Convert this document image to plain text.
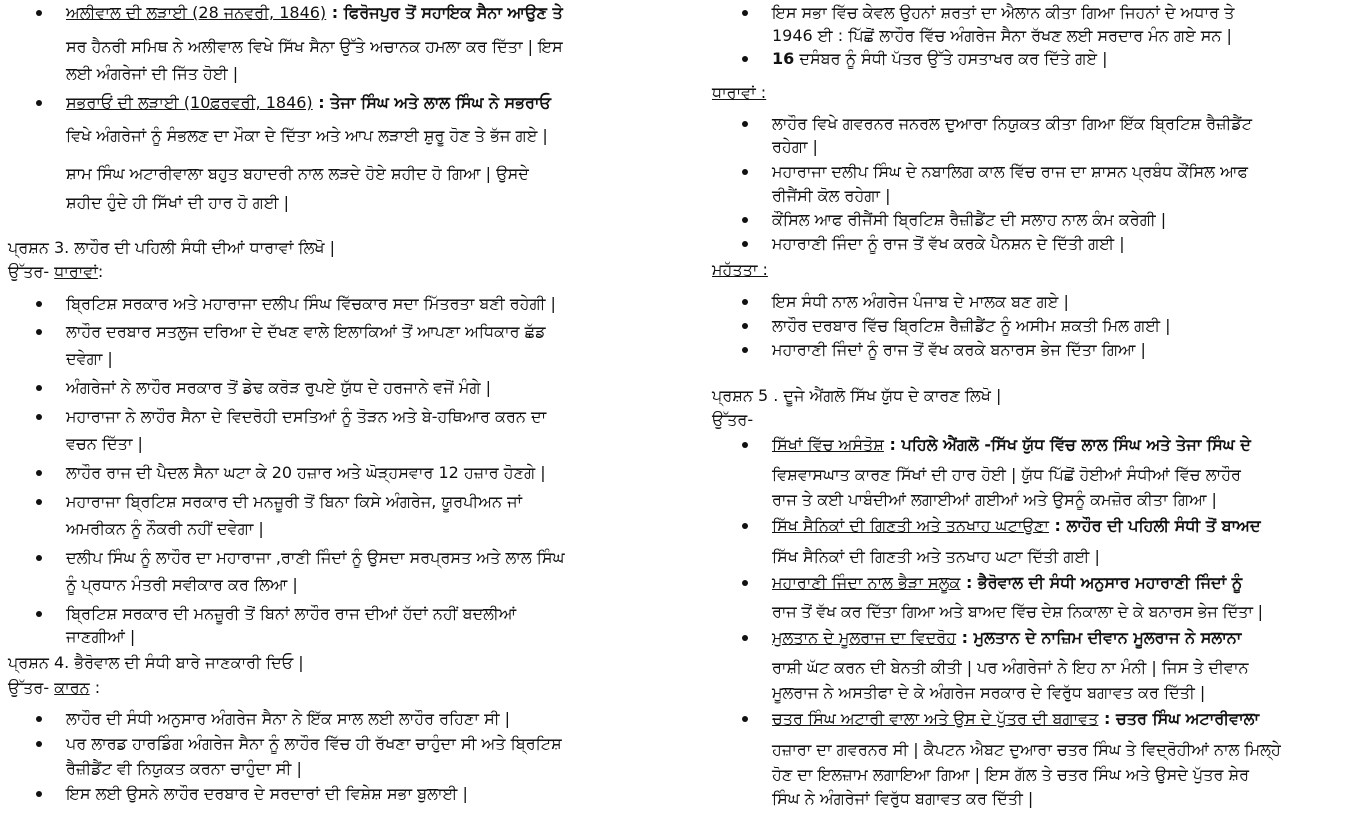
ਅਲੀਵਾਲ ਦੀ ਲੜਾਈ (28 ਜਨਵਰੀ, 1846) : ਫਿਰੋਜਪੁਰ ਤੋਂ ਸਹਾਇਕ ਸੈਨਾ ਆਉਣ ਤੇ
ਸਰ ਹੈਨਰੀ ਸਮਿਥ ਨੇ ਅਲੀਵਾਲ ਵਿਖੇ ਸਿੱਖ ਸੈਨਾ ਉੱਤੇ ਅਚਾਨਕ ਹਮਲਾ ਕਰ ਦਿੱਤਾ | ਇਸ
ਲਈ ਅੰਗਰੇਜਾਂ ਦੀ ਜਿੱਤ ਹੋਈ |
ਸਭਰਾਓਂ ਦੀ ਲੜਾਈ (10ਫ਼ਰਵਰੀ, 1846) : ਤੇਜਾ ਸਿੰਘ ਅਤੇ ਲਾਲ ਸਿੰਘ ਨੇ ਸਭਰਾਓ
ਵਿਖੇ ਅੰਗਰੇਜਾਂ ਨੂੰ ਸੰਭਲਣ ਦਾ ਮੌਕਾ ਦੇ ਦਿੱਤਾ ਅਤੇ ਆਪ ਲੜਾਈ ਸ਼ੁਰੂ ਹੋਣ ਤੇ ਭੱਜ ਗਏ |
ਸ਼ਾਮ ਸਿੰਘ ਅਟਾਰੀਵਾਲਾ ਬਹੁਤ ਬਹਾਦਰੀ ਨਾਲ ਲੜਦੇ ਹੋਏ ਸ਼ਹੀਦ ਹੋ ਗਿਆ | ਉਸਦੇ
ਸ਼ਹੀਦ ਹੁੰਦੇ ਹੀ ਸਿੱਖਾਂ ਦੀ ਹਾਰ ਹੋ ਗਈ |
ਪ੍ਰਸ਼ਨ 3. ਲਾਹੌਰ ਦੀ ਪਹਿਲੀ ਸੰਧੀ ਦੀਆਂ ਧਾਰਾਵਾਂ ਲਿਖੋ |
ਉੱਤਰ- ਧਾਰਾਵਾਂ:
ਬ੍ਰਿਟਿਸ਼ ਸਰਕਾਰ ਅਤੇ ਮਹਾਰਾਜਾ ਦਲੀਪ ਸਿੰਘ ਵਿੱਚਕਾਰ ਸਦਾ ਮਿੱਤਰਤਾ ਬਣੀ ਰਹੇਗੀ |
ਲਾਹੌਰ ਦਰਬਾਰ ਸਤਲੁਜ ਦਰਿਆ ਦੇ ਦੱਖਣ ਵਾਲੇ ਇਲਾਕਿਆਂ ਤੋਂ ਆਪਣਾ ਅਧਿਕਾਰ ਛੱਡ
ਦਵੇਗਾ |
ਅੰਗਰੇਜਾਂ ਨੇ ਲਾਹੌਰ ਸਰਕਾਰ ਤੋਂ ਡੇਢ ਕਰੋੜ ਰੁਪਏ ਯੁੱਧ ਦੇ ਹਰਜਾਨੇ ਵਜੋਂ ਮੰਗੇ |
ਮਹਾਰਾਜਾ ਨੇ ਲਾਹੌਰ ਸੈਨਾ ਦੇ ਵਿਦਰੋਹੀ ਦਸਤਿਆਂ ਨੂੰ ਤੋੜਨ ਅਤੇ ਬੇ-ਹਥਿਆਰ ਕਰਨ ਦਾ
ਵਚਨ ਦਿੱਤਾ |
ਲਾਹੌਰ ਰਾਜ ਦੀ ਪੈਦਲ ਸੈਨਾ ਘਟਾ ਕੇ 20 ਹਜ਼ਾਰ ਅਤੇ ਘੋੜ੍ਹਸਵਾਰ 12 ਹਜ਼ਾਰ ਹੋਣਗੇ |
ਮਹਾਰਾਜਾ ਬ੍ਰਿਟਿਸ਼ ਸਰਕਾਰ ਦੀ ਮਨਜ਼ੂਰੀ ਤੋਂ ਬਿਨਾ ਕਿਸੇ ਅੰਗਰੇਜ, ਯੂਰਪੀਅਨ ਜਾਂ
ਅਮਰੀਕਨ ਨੂੰ ਨੌਕਰੀ ਨਹੀਂ ਦਵੇਗਾ |
ਦਲੀਪ ਸਿੰਘ ਨੂੰ ਲਾਹੌਰ ਦਾ ਮਹਾਰਾਜਾ ,ਰਾਣੀ ਜਿੰਦਾਂ ਨੂੰ ਉਸਦਾ ਸਰਪ੍ਰਸਤ ਅਤੇ ਲਾਲ ਸਿੰਘ
ਨੂੰ ਪ੍ਰਧਾਨ ਮੰਤਰੀ ਸਵੀਕਾਰ ਕਰ ਲਿਆ |
ਬ੍ਰਿਟਿਸ਼ ਸਰਕਾਰ ਦੀ ਮਨਜ਼ੂਰੀ ਤੋਂ ਬਿਨਾਂ ਲਾਹੌਰ ਰਾਜ ਦੀਆਂ ਹੱਦਾਂ ਨਹੀਂ ਬਦਲੀਆਂ
ਜਾਣਗੀਆਂ |
ਪ੍ਰਸ਼ਨ 4. ਭੈਰੋਵਾਲ ਦੀ ਸੰਧੀ ਬਾਰੇ ਜਾਣਕਾਰੀ ਦਿਓ |
ਉੱਤਰ- ਕਾਰਨ :
ਲਾਹੌਰ ਦੀ ਸੰਧੀ ਅਨੁਸਾਰ ਅੰਗਰੇਜ ਸੈਨਾ ਨੇ ਇੱਕ ਸਾਲ ਲਈ ਲਾਹੌਰ ਰਹਿਣਾ ਸੀ |
ਪਰ ਲਾਰਡ ਹਾਰਡਿੰਗ ਅੰਗਰੇਜ ਸੈਨਾ ਨੂੰ ਲਾਹੌਰ ਵਿੱਚ ਹੀ ਰੱਖਣਾ ਚਾਹੁੰਦਾ ਸੀ ਅਤੇ ਬ੍ਰਿਟਿਸ਼
ਰੈਜ਼ੀਡੈਂਟ ਵੀ ਨਿਯੁਕਤ ਕਰਨਾ ਚਾਹੁੰਦਾ ਸੀ |
ਇਸ ਲਈ ਉਸਨੇ ਲਾਹੌਰ ਦਰਬਾਰ ਦੇ ਸਰਦਾਰਾਂ ਦੀ ਵਿਸ਼ੇਸ਼ ਸਭਾ ਬੁਲਾਈ |
ਇਸ ਸਭਾ ਵਿੱਚ ਕੇਵਲ ਉਹਨਾਂ ਸ਼ਰਤਾਂ ਦਾ ਐਲਾਨ ਕੀਤਾ ਗਿਆ ਜਿਹਨਾਂ ਦੇ ਅਧਾਰ ਤੇ
1946 ਈ : ਪਿੱਛੋਂ ਲਾਹੌਰ ਵਿੱਚ ਅੰਗਰੇਜ ਸੈਨਾ ਰੱਖਣ ਲਈ ਸਰਦਾਰ ਮੰਨ ਗਏ ਸਨ |
16 ਦਸੰਬਰ ਨੂੰ ਸੰਧੀ ਪੱਤਰ ਉੱਤੇ ਹਸਤਾਖਰ ਕਰ ਦਿੱਤੇ ਗਏ |
ਧਾਰਾਵਾਂ :
ਲਾਹੌਰ ਵਿਖੇ ਗਵਰਨਰ ਜਨਰਲ ਦੁਆਰਾ ਨਿਯੁਕਤ ਕੀਤਾ ਗਿਆ ਇੱਕ ਬ੍ਰਿਟਿਸ਼ ਰੈਜ਼ੀਡੈਂਟ
ਰਹੇਗਾ |
ਮਹਾਰਾਜਾ ਦਲੀਪ ਸਿੰਘ ਦੇ ਨਬਾਲਿਗ ਕਾਲ ਵਿੱਚ ਰਾਜ ਦਾ ਸ਼ਾਸਨ ਪ੍ਰਬੰਧ ਕੌਂਸਿਲ ਆਫ
ਰੀਜੈਂਸੀ ਕੋਲ ਰਹੇਗਾ |
ਕੌਂਸਿਲ ਆਫ ਰੀਜੈਂਸੀ ਬ੍ਰਿਟਿਸ਼ ਰੈਜ਼ੀਡੈਂਟ ਦੀ ਸਲਾਹ ਨਾਲ ਕੰਮ ਕਰੇਗੀ |
ਮਹਾਰਾਣੀ ਜਿੰਦਾ ਨੂੰ ਰਾਜ ਤੋਂ ਵੱਖ ਕਰਕੇ ਪੈਨਸ਼ਨ ਦੇ ਦਿੱਤੀ ਗਈ |
ਮਹੱਤਤਾ :
ਇਸ ਸੰਧੀ ਨਾਲ ਅੰਗਰੇਜ ਪੰਜਾਬ ਦੇ ਮਾਲਕ ਬਣ ਗਏ |
ਲਾਹੌਰ ਦਰਬਾਰ ਵਿੱਚ ਬ੍ਰਿਟਿਸ਼ ਰੈਜ਼ੀਡੈਂਟ ਨੂੰ ਅਸੀਮ ਸ਼ਕਤੀ ਮਿਲ ਗਈ |
ਮਹਾਰਾਣੀ ਜਿੰਦਾਂ ਨੂੰ ਰਾਜ ਤੋਂ ਵੱਖ ਕਰਕੇ ਬਨਾਰਸ ਭੇਜ ਦਿੱਤਾ ਗਿਆ |
ਪ੍ਰਸ਼ਨ 5 . ਦੂਜੇ ਐਂਗਲੋ ਸਿੱਖ ਯੁੱਧ ਦੇ ਕਾਰਣ ਲਿਖੋ |
ਉੱਤਰ-
ਸਿੱਖਾਂ ਵਿੱਚ ਅਸੰਤੋਸ਼ : ਪਹਿਲੇ ਐਂਗਲੋ -ਸਿੱਖ ਯੁੱਧ ਵਿੱਚ ਲਾਲ ਸਿੰਘ ਅਤੇ ਤੇਜਾ ਸਿੰਘ ਦੇ
ਵਿਸ਼ਵਾਸਘਾਤ ਕਾਰਣ ਸਿੱਖਾਂ ਦੀ ਹਾਰ ਹੋਈ | ਯੁੱਧ ਪਿੱਛੋਂ ਹੋਈਆਂ ਸੰਧੀਆਂ ਵਿੱਚ ਲਾਹੌਰ
ਰਾਜ ਤੇ ਕਈ ਪਾਬੰਦੀਆਂ ਲਗਾਈਆਂ ਗਈਆਂ ਅਤੇ ਉਸਨੂੰ ਕਮਜ਼ੋਰ ਕੀਤਾ ਗਿਆ |
ਸਿੱਖ ਸੈਨਿਕਾਂ ਦੀ ਗਿਣਤੀ ਅਤੇ ਤਨਖਾਹ ਘਟਾਉਣਾ : ਲਾਹੌਰ ਦੀ ਪਹਿਲੀ ਸੰਧੀ ਤੋਂ ਬਾਅਦ
ਸਿੱਖ ਸੈਨਿਕਾਂ ਦੀ ਗਿਣਤੀ ਅਤੇ ਤਨਖਾਹ ਘਟਾ ਦਿੱਤੀ ਗਈ |
ਮਹਾਰਾਣੀ ਜਿੰਦਾ ਨਾਲ ਭੈੜਾ ਸਲੂਕ : ਭੈਰੋਵਾਲ ਦੀ ਸੰਧੀ ਅਨੁਸਾਰ ਮਹਾਰਾਣੀ ਜਿੰਦਾਂ ਨੂੰ
ਰਾਜ ਤੋਂ ਵੱਖ ਕਰ ਦਿੱਤਾ ਗਿਆ ਅਤੇ ਬਾਅਦ ਵਿੱਚ ਦੇਸ਼ ਨਿਕਾਲਾ ਦੇ ਕੇ ਬਨਾਰਸ ਭੇਜ ਦਿੱਤਾ |
ਮੁਲਤਾਨ ਦੇ ਮੂਲਰਾਜ ਦਾ ਵਿਦਰੋਹ : ਮੁਲਤਾਨ ਦੇ ਨਾਜ਼ਿਮ ਦੀਵਾਨ ਮੂਲਰਾਜ ਨੇ ਸਲਾਨਾ
ਰਾਸ਼ੀ ਘੱਟ ਕਰਨ ਦੀ ਬੇਨਤੀ ਕੀਤੀ | ਪਰ ਅੰਗਰੇਜਾਂ ਨੇ ਇਹ ਨਾ ਮੰਨੀ | ਜਿਸ ਤੇ ਦੀਵਾਨ
ਮੂਲਰਾਜ ਨੇ ਅਸਤੀਫਾ ਦੇ ਕੇ ਅੰਗਰੇਜ ਸਰਕਾਰ ਦੇ ਵਿਰੁੱਧ ਬਗਾਵਤ ਕਰ ਦਿੱਤੀ |
ਚਤਰ ਸਿੰਘ ਅਟਾਰੀ ਵਾਲਾ ਅਤੇ ਉਸ ਦੇ ਪੁੱਤਰ ਦੀ ਬਗਾਵਤ : ਚਤਰ ਸਿੰਘ ਅਟਾਰੀਵਾਲਾ
ਹਜ਼ਾਰਾ ਦਾ ਗਵਰਨਰ ਸੀ | ਕੈਪਟਨ ਐਬਟ ਦੁਆਰਾ ਚਤਰ ਸਿੰਘ ਤੇ ਵਿਦ੍ਰੋਹੀਆਂ ਨਾਲ ਮਿਲ੍ਹੇ
ਹੋਣ ਦਾ ਇਲਜ਼ਾਮ ਲਗਾਇਆ ਗਿਆ | ਇਸ ਗੱਲ ਤੇ ਚਤਰ ਸਿੰਘ ਅਤੇ ਉਸਦੇ ਪੁੱਤਰ ਸ਼ੇਰ
ਸਿੰਘ ਨੇ ਅੰਗਰੇਜਾਂ ਵਿਰੁੱਧ ਬਗਾਵਤ ਕਰ ਦਿੱਤੀ |
